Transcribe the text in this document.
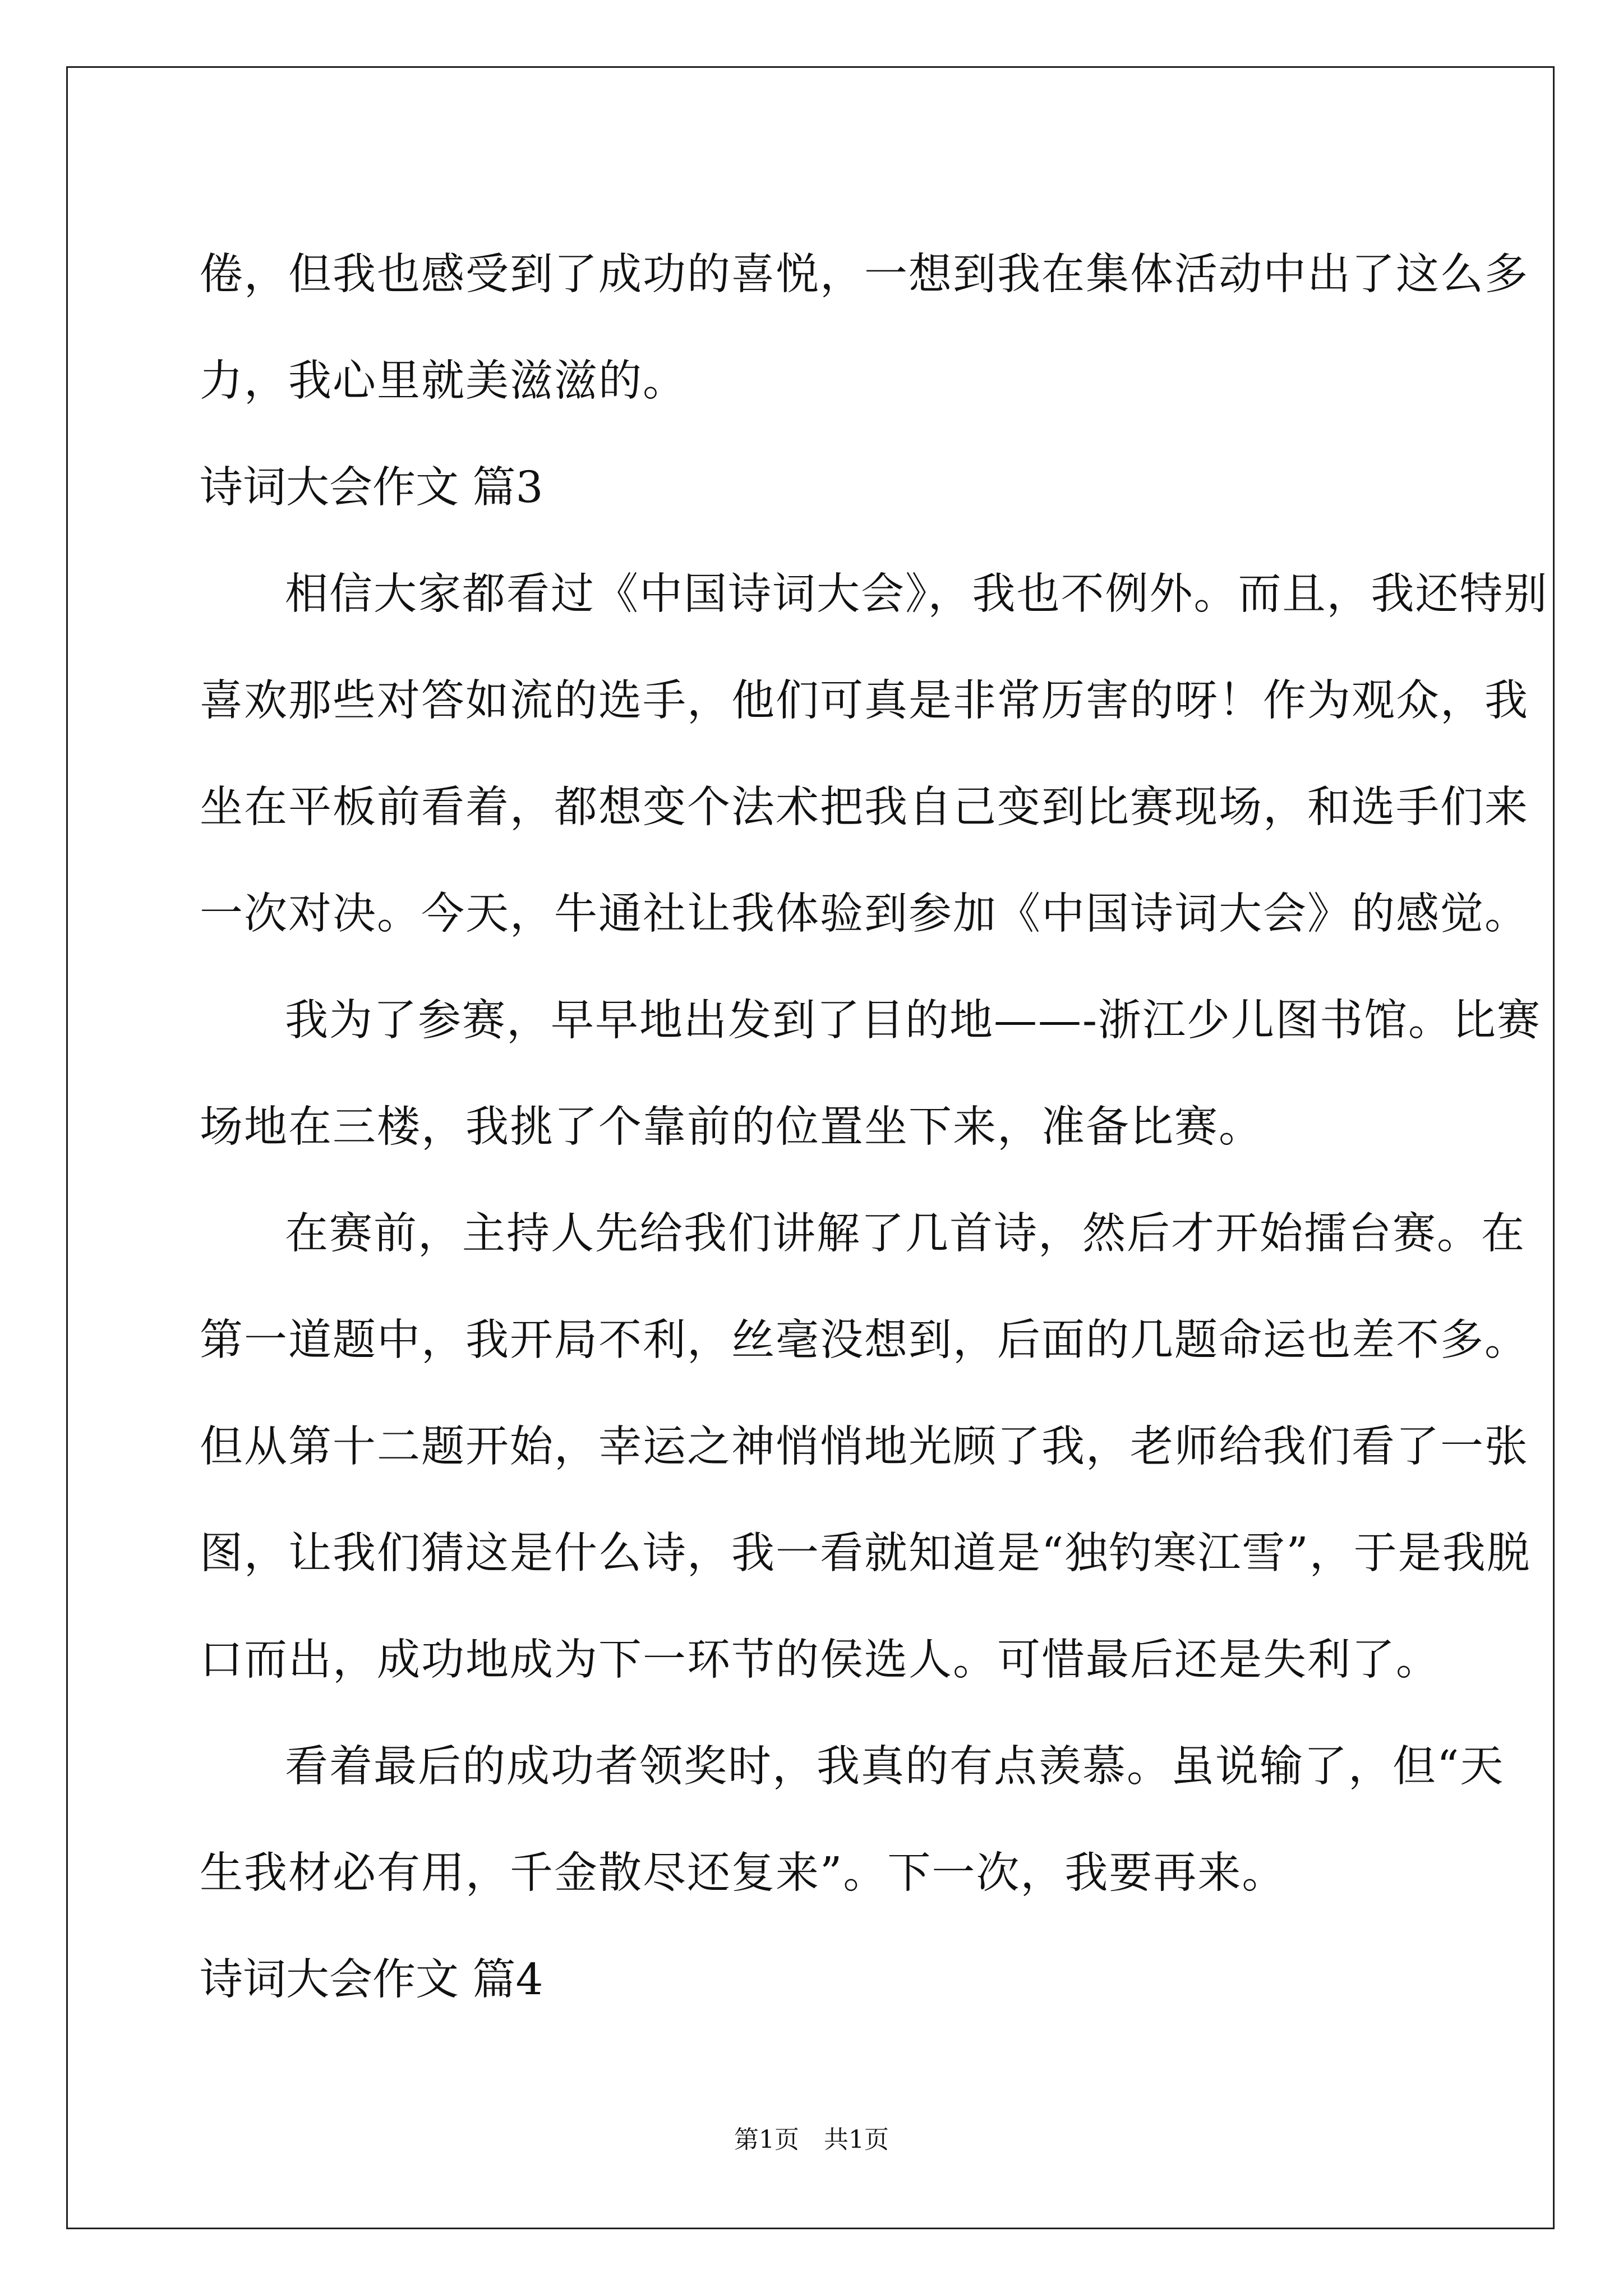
倦，但我也感受到了成功的喜悦，一想到我在集体活动中出了这么多
力，我心里就美滋滋的。
诗词大会作文 篇3
相信大家都看过《中国诗词大会》，我也不例外。而且，我还特别
喜欢那些对答如流的选手，他们可真是非常历害的呀！作为观众，我
坐在平板前看着，都想变个法术把我自己变到比赛现场，和选手们来
一次对决。今天，牛通社让我体验到参加《中国诗词大会》的感觉。
我为了参赛，早早地出发到了目的地——-浙江少儿图书馆。比赛
场地在三楼，我挑了个靠前的位置坐下来，准备比赛。
在赛前，主持人先给我们讲解了几首诗，然后才开始擂台赛。在
第一道题中，我开局不利，丝毫没想到，后面的几题命运也差不多。
但从第十二题开始，幸运之神悄悄地光顾了我，老师给我们看了一张
图，让我们猜这是什么诗，我一看就知道是“独钓寒江雪”，于是我脱
口而出，成功地成为下一环节的侯选人。可惜最后还是失利了。
看着最后的成功者领奖时，我真的有点羡慕。虽说输了，但“天
生我材必有用，千金散尽还复来”。下一次，我要再来。
诗词大会作文 篇4
第1页　共1页
